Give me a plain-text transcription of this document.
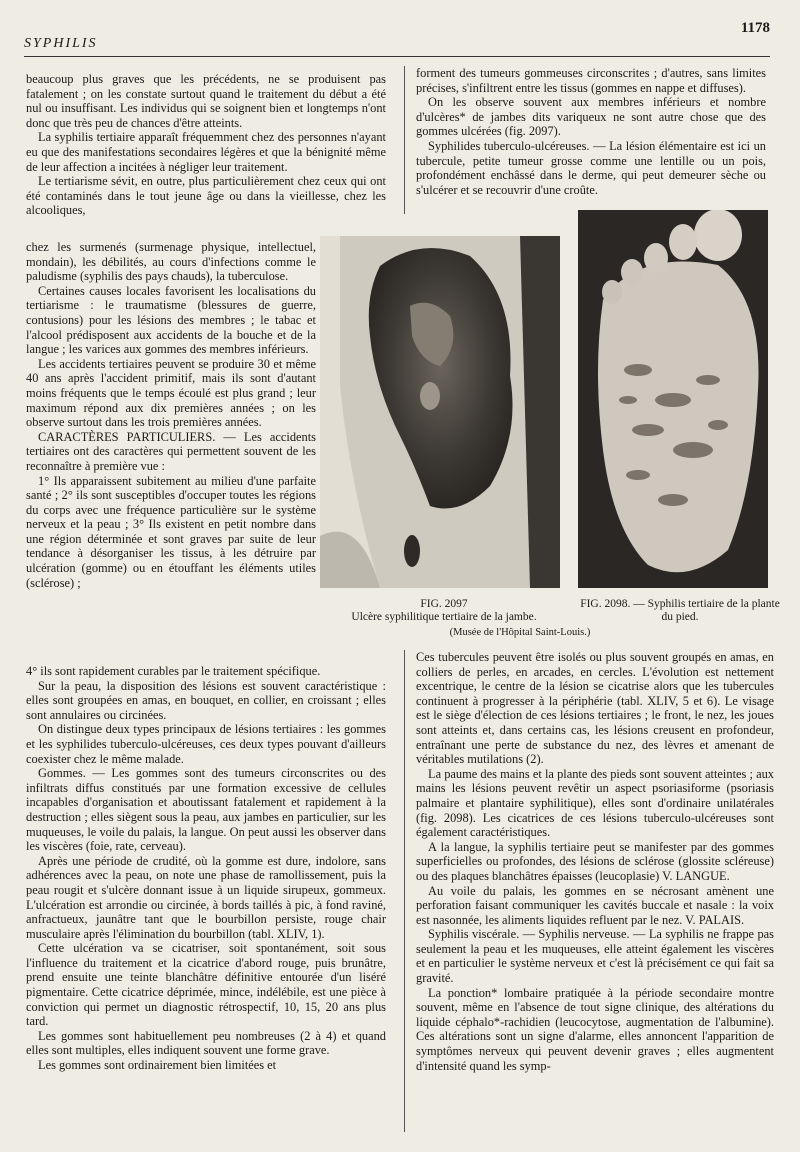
SYPHILIS
1178

beaucoup plus graves que les précédents, ne se produisent pas fatalement ; on les constate surtout quand le traitement du début a été nul ou insuffisant. Les individus qui se soignent bien et longtemps n'ont donc que très peu de chances d'être atteints.

La syphilis tertiaire apparaît fréquemment chez des personnes n'ayant eu que des manifestations secondaires légères et que la bénignité même de leur affection a incitées à négliger leur traitement.

Le tertiarisme sévit, en outre, plus particulièrement chez ceux qui ont été contaminés dans le tout jeune âge ou dans la vieillesse, chez les alcooliques,

chez les surmenés (surmenage physique, intellectuel, mondain), les débilités, au cours d'infections comme le paludisme (syphilis des pays chauds), la tuberculose.

Certaines causes locales favorisent les localisations du tertiarisme : le traumatisme (blessures de guerre, contusions) pour les lésions des membres ; le tabac et l'alcool prédisposent aux accidents de la bouche et de la langue ; les varices aux gommes des membres inférieurs.

Les accidents tertiaires peuvent se produire 30 et même 40 ans après l'accident primitif, mais ils sont d'autant moins fréquents que le temps écoulé est plus grand ; leur maximum répond aux dix premières années ; on les observe surtout dans les trois premières années.

CARACTÈRES PARTICULIERS. — Les accidents tertiaires ont des caractères qui permettent souvent de les reconnaître à première vue :

1° Ils apparaissent subitement au milieu d'une parfaite santé ; 2° ils sont susceptibles d'occuper toutes les régions du corps avec une fréquence particulière sur le système nerveux et la peau ; 3° Ils existent en petit nombre dans une région déterminée et sont graves par suite de leur tendance à désorganiser les tissus, à les détruire par ulcération (gomme) ou en étouffant les éléments utiles (sclérose) ;

forment des tumeurs gommeuses circonscrites ; d'autres, sans limites précises, s'infiltrent entre les tissus (gommes en nappe et diffuses).

On les observe souvent aux membres inférieurs et nombre d'ulcères* de jambes dits variqueux ne sont autre chose que des gommes ulcérées (fig. 2097).

Syphilides tuberculo-ulcéreuses. — La lésion élémentaire est ici un tubercule, petite tumeur grosse comme une lentille ou un pois, profondément enchâssé dans le derme, qui peut demeurer sèche ou s'ulcérer et se recouvrir d'une croûte.

FIG. 2097
Ulcère syphilitique tertiaire de la jambe.
FIG. 2098. — Syphilis tertiaire de la plante du pied.
(Musée de l'Hôpital Saint-Louis.)

4° ils sont rapidement curables par le traitement spécifique.

Sur la peau, la disposition des lésions est souvent caractéristique : elles sont groupées en amas, en bouquet, en collier, en croissant ; elles sont annulaires ou circinées.

On distingue deux types principaux de lésions tertiaires : les gommes et les syphilides tuberculo-ulcéreuses, ces deux types pouvant d'ailleurs coexister chez le même malade.

Gommes. — Les gommes sont des tumeurs circonscrites ou des infiltrats diffus constitués par une formation excessive de cellules incapables d'organisation et aboutissant fatalement et rapidement à la destruction ; elles siègent sous la peau, aux jambes en particulier, sur les muqueuses, le voile du palais, la langue. On peut aussi les observer dans les viscères (foie, rate, cerveau).

Après une période de crudité, où la gomme est dure, indolore, sans adhérences avec la peau, on note une phase de ramollissement, puis la peau rougit et s'ulcère donnant issue à un liquide sirupeux, gommeux. L'ulcération est arrondie ou circinée, à bords taillés à pic, à fond raviné, anfractueux, jaunâtre tant que le bourbillon persiste, rouge chair musculaire après l'élimination du bourbillon (tabl. XLIV, 1).

Cette ulcération va se cicatriser, soit spontanément, soit sous l'influence du traitement et la cicatrice d'abord rouge, puis brunâtre, prend ensuite une teinte blanchâtre définitive entourée d'un liséré pigmentaire. Cette cicatrice déprimée, mince, indélébile, est une pièce à conviction qui permet un diagnostic rétrospectif, 10, 15, 20 ans plus tard.

Les gommes sont habituellement peu nombreuses (2 à 4) et quand elles sont multiples, elles indiquent souvent une forme grave.

Les gommes sont ordinairement bien limitées et

Ces tubercules peuvent être isolés ou plus souvent groupés en amas, en colliers de perles, en arcades, en cercles. L'évolution est nettement excentrique, le centre de la lésion se cicatrise alors que les tubercules continuent à progresser à la périphérie (tabl. XLIV, 5 et 6). Le visage est le siège d'élection de ces lésions tertiaires ; le front, le nez, les joues sont atteints et, dans certains cas, les lésions creusent en profondeur, entraînant une perte de substance du nez, des lèvres et amenant de véritables mutilations (2).

La paume des mains et la plante des pieds sont souvent atteintes ; aux mains les lésions peuvent revêtir un aspect psoriasiforme (psoriasis palmaire et plantaire syphilitique), elles sont d'ordinaire unilatérales (fig. 2098). Les cicatrices de ces lésions tuberculo-ulcéreuses sont également caractéristiques.

A la langue, la syphilis tertiaire peut se manifester par des gommes superficielles ou profondes, des lésions de sclérose (glossite scléreuse) ou des plaques blanchâtres épaisses (leucoplasie) V. LANGUE.

Au voile du palais, les gommes en se nécrosant amènent une perforation faisant communiquer les cavités buccale et nasale : la voix est nasonnée, les aliments liquides refluent par le nez. V. PALAIS.

Syphilis viscérale. — Syphilis nerveuse. — La syphilis ne frappe pas seulement la peau et les muqueuses, elle atteint également les viscères et en particulier le système nerveux et c'est là précisément ce qui fait sa gravité.

La ponction* lombaire pratiquée à la période secondaire montre souvent, même en l'absence de tout signe clinique, des altérations du liquide céphalo*-rachidien (leucocytose, augmentation de l'albumine). Ces altérations sont un signe d'alarme, elles annoncent l'apparition de symptômes nerveux qui peuvent devenir graves ; elles augmentent d'intensité quand les symp-
